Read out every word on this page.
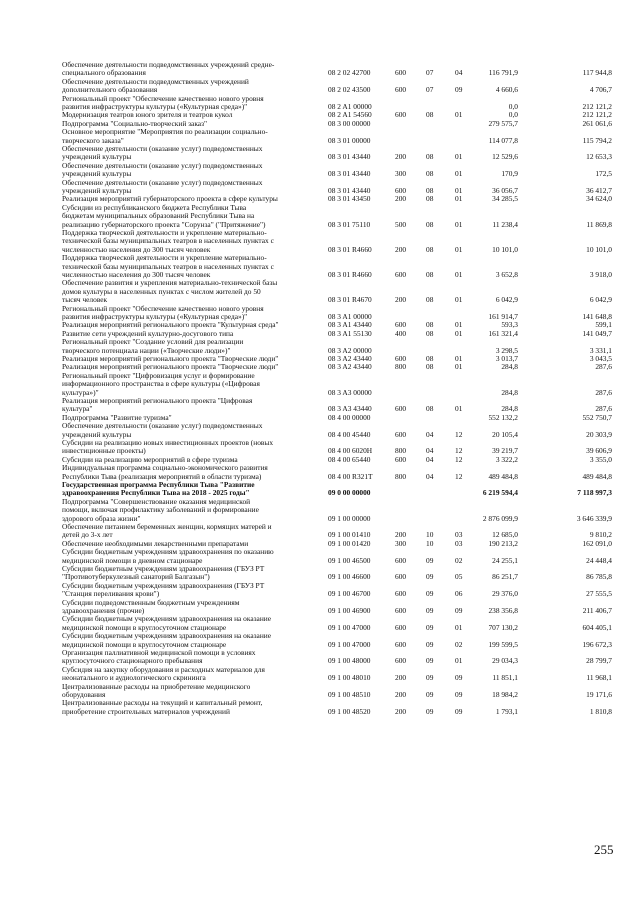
Обеспечение деятельности подведомственных учреждений средне-
специального образования	08 2 02 42700	600	07	04	116 791,9	117 944,8
Обеспечение деятельности подведомственных учреждений
дополнительного образования	08 2 02 43500	600	07	09	4 660,6	4 706,7
Региональный проект "Обеспечение качественно нового уровня
развития инфраструктуры культуры («Культурная среда»)"	08 2 A1 00000	0,0	212 121,2
Модернизация театров юного зрителя и театров кукол	08 2 A1 54560	600	08	01	0,0	212 121,2
Подпрограмма "Социально-творческий заказ"	08 3 00 00000	279 575,7	261 061,6
Основное мероприятие "Мероприятия по реализации социально-
творческого заказа"	08 3 01 00000	114 077,8	115 794,2
Обеспечение деятельности (оказание услуг) подведомственных
учреждений культуры	08 3 01 43440	200	08	01	12 529,6	12 653,3
Обеспечение деятельности (оказание услуг) подведомственных
учреждений культуры	08 3 01 43440	300	08	01	170,9	172,5
Обеспечение деятельности (оказание услуг) подведомственных
учреждений культуры	08 3 01 43440	600	08	01	36 056,7	36 412,7
Реализация мероприятий губернаторского проекта в сфере культуры	08 3 01 43450	200	08	01	34 285,5	34 624,0
Субсидии из республиканского бюджета Республики Тыва
бюджетам муниципальных образований Республики Тыва на
реализацию губернаторского проекта "Сорунза" ("Притяжение")	08 3 01 75110	500	08	01	11 238,4	11 869,8
Поддержка творческой деятельности и укрепление материально-
технической базы муниципальных театров в населенных пунктах с
численностью населения до 300 тысяч человек	08 3 01 R4660	200	08	01	10 101,0	10 101,0
Поддержка творческой деятельности и укрепление материально-
технической базы муниципальных театров в населенных пунктах с
численностью населения до 300 тысяч человек	08 3 01 R4660	600	08	01	3 652,8	3 918,0
Обеспечение развития и укрепления материально-технической базы
домов культуры в населенных пунктах с числом жителей до 50
тысяч человек	08 3 01 R4670	200	08	01	6 042,9	6 042,9
Региональный проект "Обеспечение качественно нового уровня
развития инфраструктуры культуры («Культурная среда»)"	08 3 A1 00000	161 914,7	141 648,8
Реализация мероприятий регионального проекта "Культурная среда"	08 3 A1 43440	600	08	01	593,3	599,1
Развитие сети учреждений культурно-досугового типа	08 3 A1 55130	400	08	01	161 321,4	141 049,7
Региональный проект "Создание условий для реализации
творческого потенциала нации («Творческие люди»)"	08 3 A2 00000	3 298,5	3 331,1
Реализация мероприятий регионального проекта "Творческие люди"	08 3 A2 43440	600	08	01	3 013,7	3 043,5
Реализация мероприятий регионального проекта "Творческие люди"	08 3 A2 43440	800	08	01	284,8	287,6
Региональный проект "Цифровизация услуг и формирование
информационного пространства в сфере культуры («Цифровая
культура»)"	08 3 A3 00000	284,8	287,6
Реализация мероприятий регионального проекта "Цифровая
культура"	08 3 A3 43440	600	08	01	284,8	287,6
Подпрограмма "Развитие туризма"	08 4 00 00000	552 132,2	552 750,7
Обеспечение деятельности (оказание услуг) подведомственных
учреждений культуры	08 4 00 45440	600	04	12	20 105,4	20 303,9
Субсидии на реализацию новых инвестиционных проектов (новых
инвестиционные проекты)	08 4 00 6020H	800	04	12	39 219,7	39 606,9
Субсидии на реализацию мероприятий в сфере туризма	08 4 00 65440	600	04	12	3 322,2	3 355,0
Индивидуальная программа социально-экономического развития
Республики Тыва (реализация мероприятий в области туризма)	08 4 00 R321T	800	04	12	489 484,8	489 484,8
Государственная программа Республики Тыва "Развитие
здравоохранения Республики Тыва на 2018 - 2025 годы"	09 0 00 00000	6 219 594,4	7 118 997,3
Подпрограмма "Совершенствование оказания медицинской
помощи, включая профилактику заболеваний и формирование
здорового образа жизни"	09 1 00 00000	2 876 099,9	3 646 339,9
Обеспечение питанием беременных женщин, кормящих матерей и
детей до 3-х лет	09 1 00 01410	200	10	03	12 685,0	9 810,2
Обеспечение необходимыми лекарственными препаратами	09 1 00 01420	300	10	03	190 213,2	162 091,0
Субсидии бюджетным учреждениям здравоохранения по оказанию
медицинской помощи в дневном стационаре	09 1 00 46500	600	09	02	24 255,1	24 448,4
Субсидии бюджетным учреждениям здравоохранения (ГБУЗ РТ
"Противотуберкулезный санаторий Балгазын")	09 1 00 46600	600	09	05	86 251,7	86 785,8
Субсидии бюджетным учреждениям здравоохранения (ГБУЗ РТ
"Станция переливания крови")	09 1 00 46700	600	09	06	29 376,0	27 555,5
Субсидии подведомственным бюджетным учреждениям
здравоохранения (прочие)	09 1 00 46900	600	09	09	238 356,8	211 406,7
Субсидии бюджетным учреждениям здравоохранения на оказание
медицинской помощи в круглосуточном стационаре	09 1 00 47000	600	09	01	707 130,2	604 405,1
Субсидии бюджетным учреждениям здравоохранения на оказание
медицинской помощи в круглосуточном стационаре	09 1 00 47000	600	09	02	199 599,5	196 672,3
Организация паллиативной медицинской помощи в условиях
круглосуточного стационарного пребывания	09 1 00 48000	600	09	01	29 034,3	28 799,7
Субсидия на закупку оборудования и расходных материалов для
неонатального и аудиологического скрининга	09 1 00 48010	200	09	09	11 851,1	11 968,1
Централизованные расходы на приобретение медицинского
оборудования	09 1 00 48510	200	09	09	18 984,2	19 171,6
Централизованные расходы на текущий и капитальный ремонт,
приобретение строительных материалов учреждений	09 1 00 48520	200	09	09	1 793,1	1 810,8
255
